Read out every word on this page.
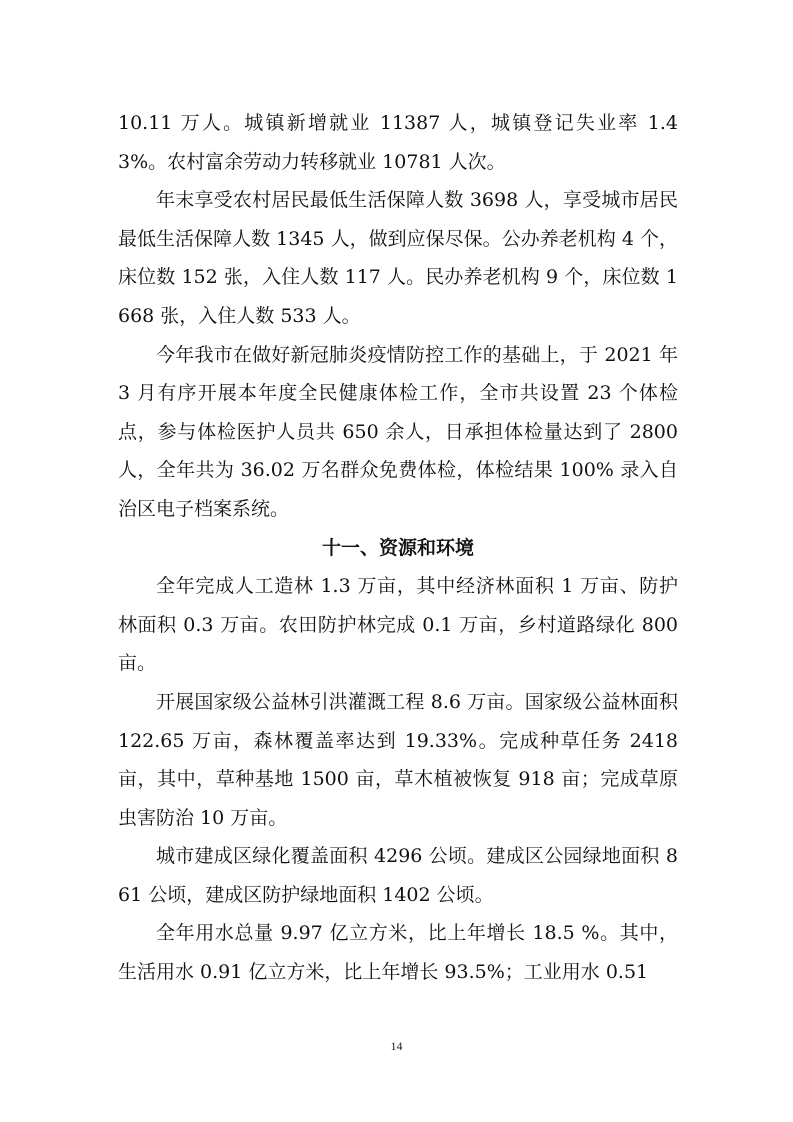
10.11 万人。城镇新增就业 11387 人，城镇登记失业率 1.43%。农村富余劳动力转移就业 10781 人次。

年末享受农村居民最低生活保障人数 3698 人，享受城市居民最低生活保障人数 1345 人，做到应保尽保。公办养老机构 4 个，床位数 152 张，入住人数 117 人。民办养老机构 9 个，床位数 1668 张，入住人数 533 人。

今年我市在做好新冠肺炎疫情防控工作的基础上，于 2021 年 3 月有序开展本年度全民健康体检工作，全市共设置 23 个体检点，参与体检医护人员共 650 余人，日承担体检量达到了 2800 人，全年共为 36.02 万名群众免费体检，体检结果 100% 录入自治区电子档案系统。

十一、资源和环境

全年完成人工造林 1.3 万亩，其中经济林面积 1 万亩、防护林面积 0.3 万亩。农田防护林完成 0.1 万亩，乡村道路绿化 800 亩。

开展国家级公益林引洪灌溉工程 8.6 万亩。国家级公益林面积 122.65 万亩，森林覆盖率达到 19.33%。完成种草任务 2418 亩，其中，草种基地 1500 亩，草木植被恢复 918 亩；完成草原虫害防治 10 万亩。

城市建成区绿化覆盖面积 4296 公顷。建成区公园绿地面积 861 公顷，建成区防护绿地面积 1402 公顷。

全年用水总量 9.97 亿立方米，比上年增长 18.5 %。其中，生活用水 0.91 亿立方米，比上年增长 93.5%；工业用水 0.51

14
